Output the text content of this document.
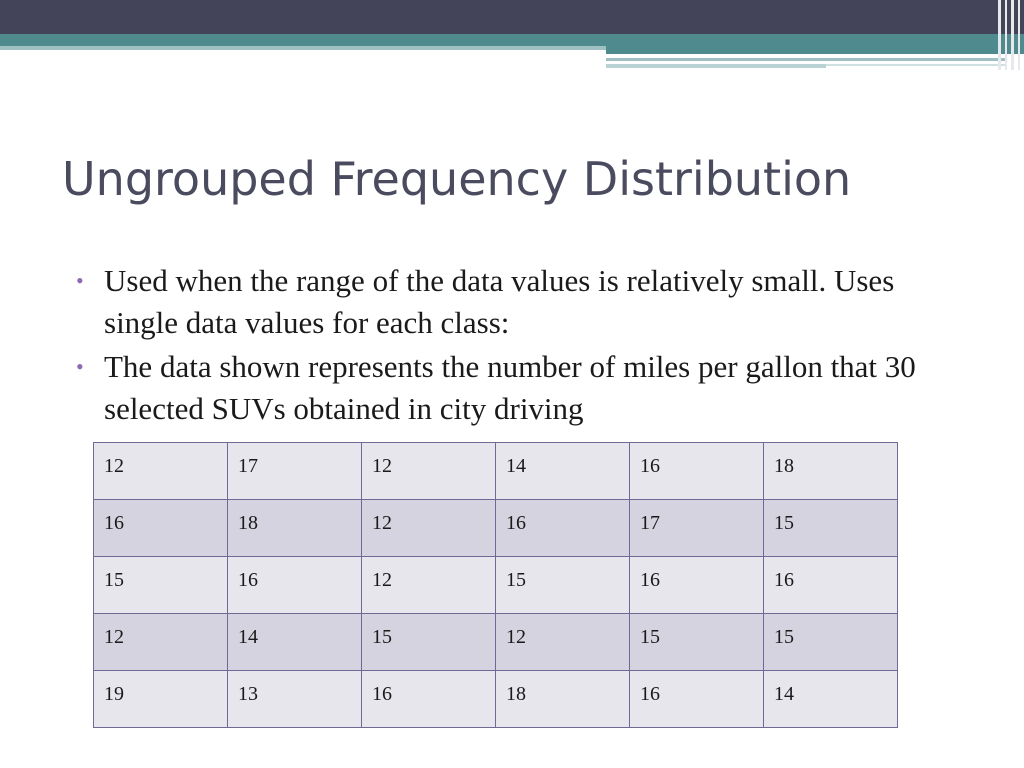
Ungrouped Frequency Distribution
• Used when the range of the data values is relatively small. Uses single data values for each class:
• The data shown represents the number of miles per gallon that 30 selected SUVs obtained in city driving
12	17	12	14	16	18
16	18	12	16	17	15
15	16	12	15	16	16
12	14	15	12	15	15
19	13	16	18	16	14
